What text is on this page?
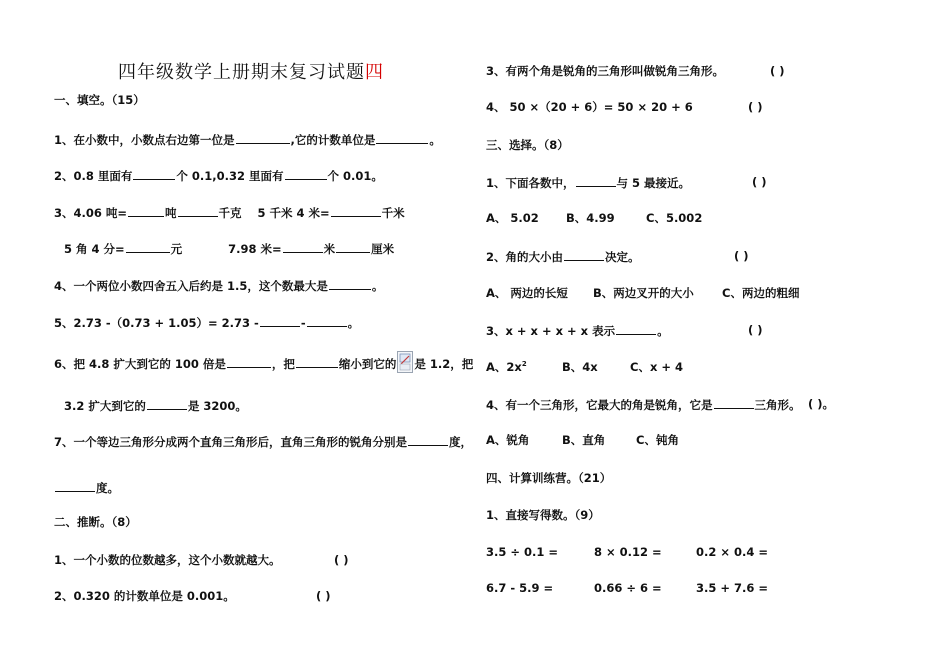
四年级数学上册期末复习试题四
一、填空。（15）
1、在小数中，小数点右边第一位是	,它的计数单位是	。
2、0.8 里面有	个 0.1,0.32 里面有	个 0.01。
3、4.06 吨=	吨	千克 5 千米 4 米=	千米
5 角 4 分=	元	7.98 米=	米	厘米
4、一个两位小数四舍五入后约是 1.5，这个数最大是	。
5、2.73 -（0.73 + 1.05）= 2.73 -	-	。
6、把 4.8 扩大到它的 100 倍是	，把	缩小到它的 是 1.2，把
3.2 扩大到它的	是 3200。
7、一个等边三角形分成两个直角三角形后，直角三角形的锐角分别是	度，
度。
二、推断。（8）
1、一个小数的位数越多，这个小数就越大。	( )
2、0.320 的计数单位是 0.001。	( )
3、有两个角是锐角的三角形叫做锐角三角形。	( )
4、 50 ×（20 + 6）= 50 × 20 + 6	( )
三、选择。（8）
1、下面各数中，	与 5 最接近。	( )
A、 5.02 B、4.99	C、5.002
2、角的大小由	决定。	( )
A、 两边的长短 B、两边叉开的大小 C、两边的粗细
3、x + x + x + x 表示	。	( )
A、$2x^2$	B、4x	C、x + 4
4、有一个三角形，它最大的角是锐角，它是	三角形。 ( )。
A、锐角	B、直角	C、钝角
四、计算训练营。（21）
1、直接写得数。（9）
3.5 ÷ 0.1 =	8 × 0.12 =	0.2 × 0.4 =
6.7 - 5.9 =	0.66 ÷ 6 =	3.5 + 7.6 =
